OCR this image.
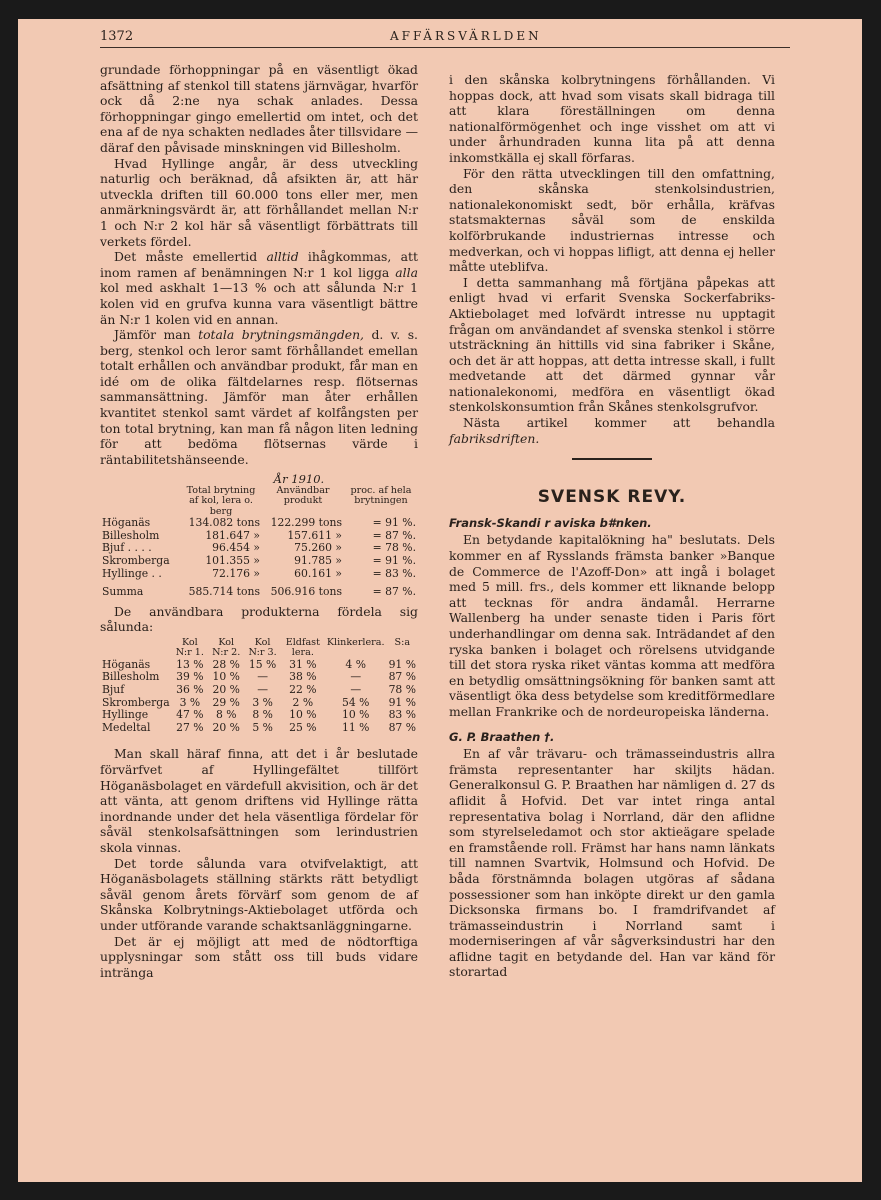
1372	AFFÄRSVÄRLDEN

grundade förhoppningar på en väsentligt ökad afsättning af stenkol till statens järnvägar, hvarför ock då 2:ne nya schak anlades. Dessa förhoppningar gingo emellertid om intet, och det ena af de nya schakten nedlades åter tillsvidare — däraf den påvisade minskningen vid Billesholm.

Hvad Hyllinge angår, är dess utveckling naturlig och beräknad, då afsikten är, att här utveckla driften till 60.000 tons eller mer, men anmärkningsvärdt är, att förhållandet mellan N:r 1 och N:r 2 kol här så väsentligt förbättrats till verkets fördel.

Det måste emellertid alltid ihågkommas, att inom ramen af benämningen N:r 1 kol ligga alla kol med askhalt 1—13 % och att sålunda N:r 1 kolen vid en grufva kunna vara väsentligt bättre än N:r 1 kolen vid en annan.

Jämför man totala brytningsmängden, d. v. s. berg, stenkol och leror samt förhållandet emellan totalt erhållen och användbar produkt, får man en idé om de olika fältdelarnes resp. flötsernas sammansättning. Jämför man åter erhållen kvantitet stenkol samt värdet af kolfångsten per ton total brytning, kan man få någon liten ledning för att bedöma flötsernas värde i räntabilitetshänseende.

	År 1910.		
	Total brytning af kol, lera o. berg	Användbar produkt	proc. af hela brytningen
Höganäs	134.082 tons	122.299 tons	= 91 %.
Billesholm	181.647 »	157.611 »	= 87 %.
Bjuf . . . .	96.454 »	75.260 »	= 78 %.
Skromberga	101.355 »	91.785 »	= 91 %.
Hyllinge . .	72.176 »	60.161 »	= 83 %.
Summa	585.714 tons	506.916 tons	= 87 %.

De användbara produkterna fördela sig sålunda:

	Kol N:r 1.	Kol N:r 2.	Kol N:r 3.	Eldfast lera.	Klinkerlera.	S:a
Höganäs	13 %	28 %	15 %	31 %	4 %	91 %
Billesholm	39 %	10 %	—	38 %	—	87 %
Bjuf	36 %	20 %	—	22 %	—	78 %
Skromberga	3 %	29 %	3 %	2 %	54 %	91 %
Hyllinge	47 %	8 %	8 %	10 %	10 %	83 %
Medeltal	27 %	20 %	5 %	25 %	11 %	87 %

Man skall häraf finna, att det i år beslutade förvärfvet af Hyllingefältet tillfört Höganäsbolaget en värdefull akvisition, och är det att vänta, att genom driftens vid Hyllinge rätta inordnande under det hela väsentliga fördelar för såväl stenkolsafsättningen som lerindustrien skola vinnas.

Det torde sålunda vara otvifvelaktigt, att Höganäsbolagets ställning stärkts rätt betydligt såväl genom årets förvärf som genom de af Skånska Kolbrytnings-Aktiebolaget utförda och under utförande varande schaktsanläggningarne.

Det är ej möjligt att med de nödtorftiga upplysningar som stått oss till buds vidare intränga

i den skånska kolbrytningens förhållanden. Vi hoppas dock, att hvad som visats skall bidraga till att klara föreställningen om denna nationalförmögenhet och inge visshet om att vi under århundraden kunna lita på att denna inkomstkälla ej skall förfaras.

För den rätta utvecklingen till den omfattning, den skånska stenkolsindustrien, nationalekonomiskt sedt, bör erhålla, kräfvas statsmakternas såväl som de enskilda kolförbrukande industriernas intresse och medverkan, och vi hoppas lifligt, att denna ej heller måtte uteblifva.

I detta sammanhang må förtjäna påpekas att enligt hvad vi erfarit Svenska Sockerfabriks-Aktiebolaget med lofvärdt intresse nu upptagit frågan om användandet af svenska stenkol i större utsträckning än hittills vid sina fabriker i Skåne, och det är att hoppas, att detta intresse skall, i fullt medvetande att det därmed gynnar vår nationalekonomi, medföra en väsentligt ökad stenkolskonsumtion från Skånes stenkolsgrufvor.

Nästa artikel kommer att behandla fabriksdriften.

SVENSK REVY.
Fransk-Skandi r aviska b#nken.

En betydande kapitalökning ha" beslutats. Dels kommer en af Rysslands främsta banker »Banque de Commerce de l'Azoff-Don» att ingå i bolaget med 5 mill. frs., dels kommer ett liknande belopp att tecknas för andra ändamål. Herrarne Wallenberg ha under senaste tiden i Paris fört underhandlingar om denna sak. Inträdandet af den ryska banken i bolaget och rörelsens utvidgande till det stora ryska riket väntas komma att medföra en betydlig omsättningsökning för banken samt att väsentligt öka dess betydelse som kreditförmedlare mellan Frankrike och de nordeuropeiska länderna.

G. P. Braathen †.

En af vår trävaru- och trämasseindustris allra främsta representanter har skiljts hädan. Generalkonsul G. P. Braathen har nämligen d. 27 ds aflidit å Hofvid. Det var intet ringa antal representativa bolag i Norrland, där den aflidne som styrelseledamot och stor aktieägare spelade en framstående roll. Främst har hans namn länkats till namnen Svartvik, Holmsund och Hofvid. De båda förstnämnda bolagen utgöras af sådana possessioner som han inköpte direkt ur den gamla Dicksonska firmans bo. I framdrifvandet af trämasseindustrin i Norrland samt i moderniseringen af vår sågverksindustri har den aflidne tagit en betydande del. Han var känd för storartad
